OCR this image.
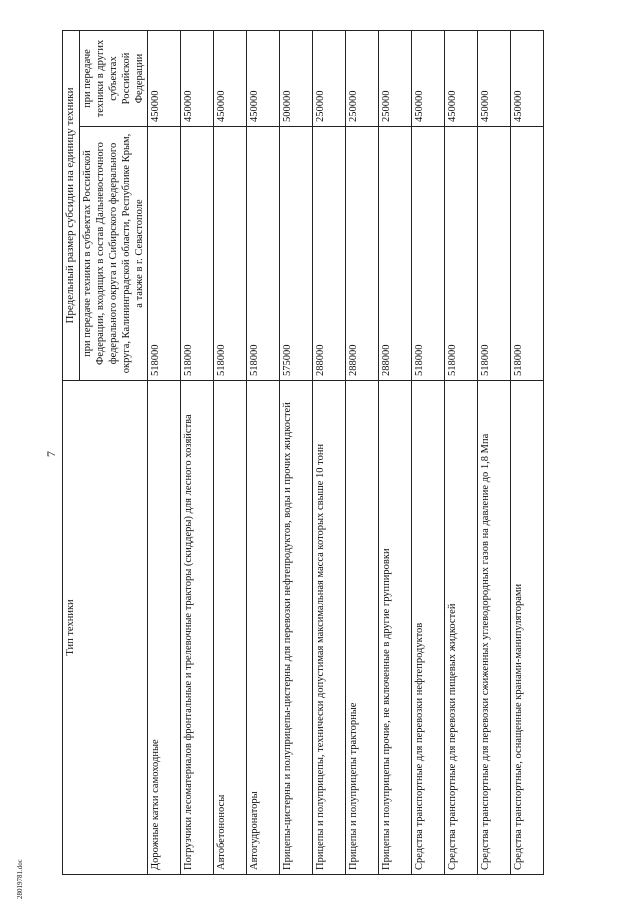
28019781.doc
7
Тип техники	Предельный размер субсидии на единицу техники	
	при передаче техники в субъектах Российской Федерации, входящих в состав Дальневосточного федерального округа и Сибирского федерального округа, Калининградской области, Республике Крым, а также в г. Севастополе	при передаче техники в других субъектах Российской Федерации
Дорожные катки самоходные	518000	450000
Погрузчики лесоматериалов фронтальные и трелевочные тракторы (скиддеры) для лесного хозяйства	518000	450000
Автобетононосы	518000	450000
Автогудронаторы	518000	450000
Прицепы-цистерны и полуприцепы-цистерны для перевозки нефтепродуктов, воды и прочих жидкостей	575000	500000
Прицепы и полуприцепы, технически допустимая максимальная масса которых свыше 10 тонн	288000	250000
Прицепы и полуприцепы тракторные	288000	250000
Прицепы и полуприцепы прочие, не включенные в другие группировки	288000	250000
Средства транспортные для перевозки нефтепродуктов	518000	450000
Средства транспортные для перевозки пищевых жидкостей	518000	450000
Средства транспортные для перевозки сжиженных углеводородных газов на давление до 1,8 Мпа	518000	450000
Средства транспортные, оснащенные кранами-манипуляторами	518000	450000
